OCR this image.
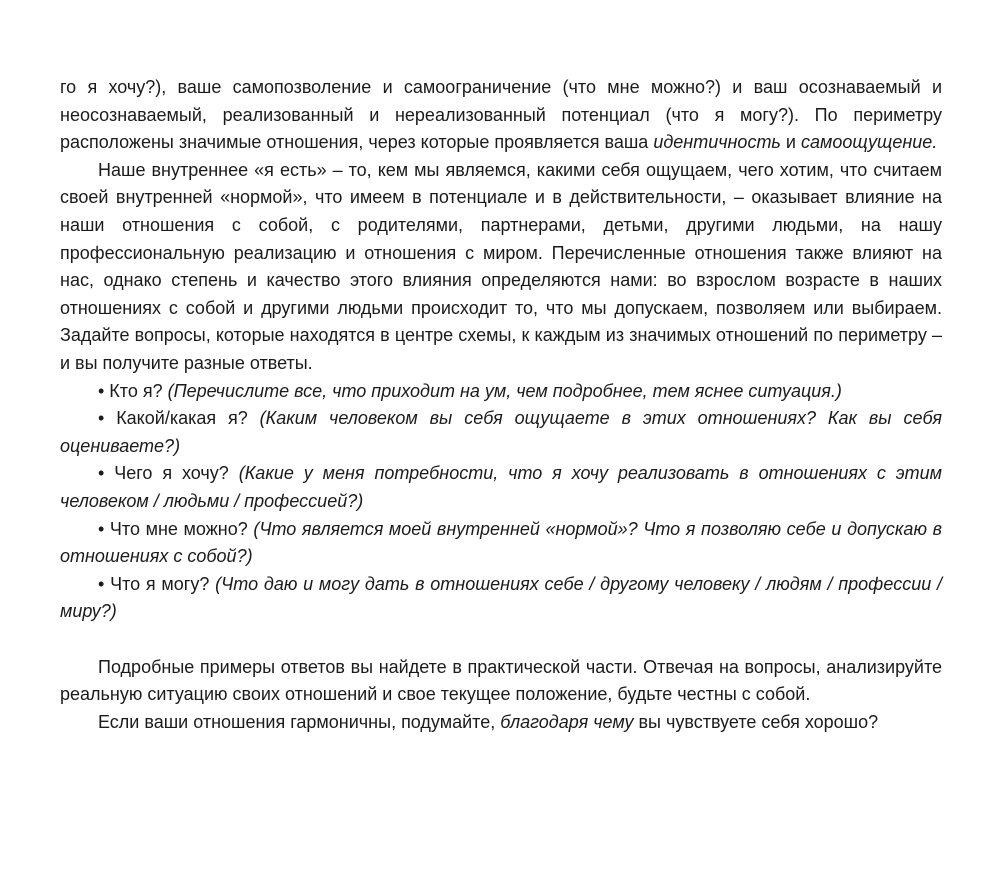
го я хочу?), ваше самопозволение и самоограничение (что мне можно?) и ваш осознаваемый и неосознаваемый, реализованный и нереализованный потенциал (что я могу?). По периметру расположены значимые отношения, через которые проявляется ваша идентичность и самоощущение.

Наше внутреннее «я есть» – то, кем мы являемся, какими себя ощущаем, чего хотим, что считаем своей внутренней «нормой», что имеем в потенциале и в действительности, – оказывает влияние на наши отношения с собой, с родителями, партнерами, детьми, другими людьми, на нашу профессиональную реализацию и отношения с миром. Перечисленные отношения также влияют на нас, однако степень и качество этого влияния определяются нами: во взрослом возрасте в наших отношениях с собой и другими людьми происходит то, что мы допускаем, позволяем или выбираем. Задайте вопросы, которые находятся в центре схемы, к каждым из значимых отношений по периметру – и вы получите разные ответы.

• Кто я? (Перечислите все, что приходит на ум, чем подробнее, тем яснее ситуация.)

• Какой/какая я? (Каким человеком вы себя ощущаете в этих отношениях? Как вы себя оцениваете?)

• Чего я хочу? (Какие у меня потребности, что я хочу реализовать в отношениях с этим человеком / людьми / профессией?)

• Что мне можно? (Что является моей внутренней «нормой»? Что я позволяю себе и допускаю в отношениях с собой?)

• Что я могу? (Что даю и могу дать в отношениях себе / другому человеку / людям / профессии / миру?)

Подробные примеры ответов вы найдете в практической части. Отвечая на вопросы, анализируйте реальную ситуацию своих отношений и свое текущее положение, будьте честны с собой.

Если ваши отношения гармоничны, подумайте, благодаря чему вы чувствуете себя хорошо?
